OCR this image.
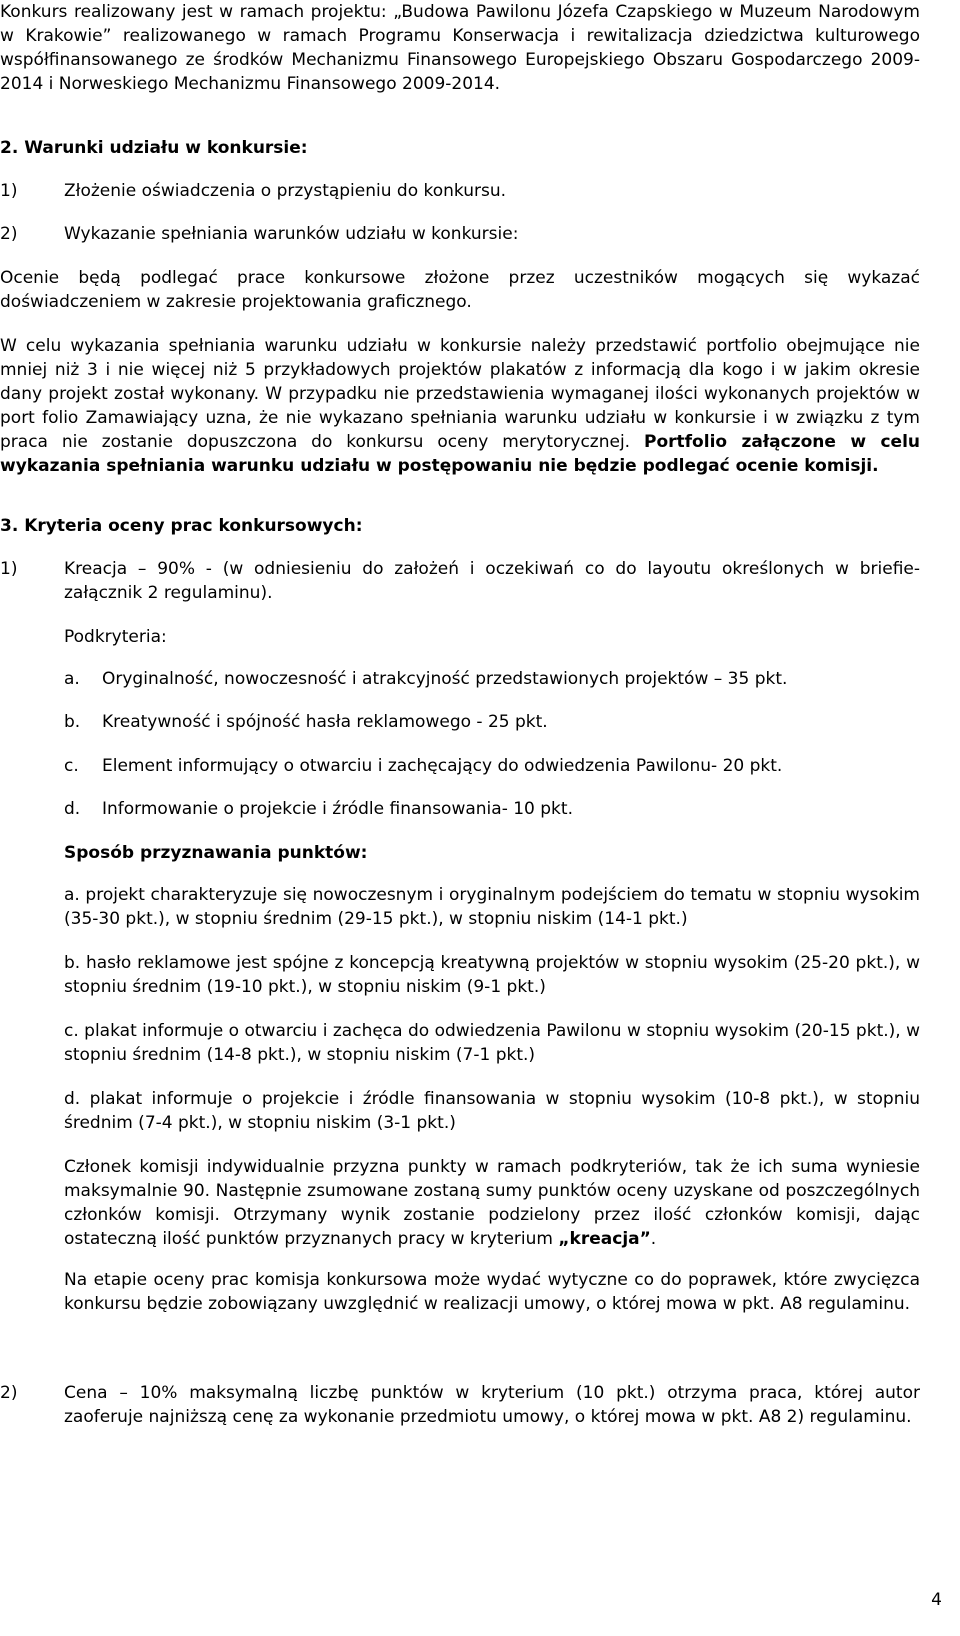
Konkurs realizowany jest w ramach projektu: „Budowa Pawilonu Józefa Czapskiego w Muzeum Narodowym w Krakowie” realizowanego w ramach Programu Konserwacja i rewitalizacja dziedzictwa kulturowego współfinansowanego ze środków Mechanizmu Finansowego Europejskiego Obszaru Gospodarczego 2009-2014 i Norweskiego Mechanizmu Finansowego 2009-2014.

2. Warunki udziału w konkursie:

1)	Złożenie oświadczenia o przystąpieniu do konkursu.
2)	Wykazanie spełniania warunków udziału w konkursie:

Ocenie będą podlegać prace konkursowe złożone przez uczestników mogących się wykazać doświadczeniem w zakresie projektowania graficznego.

W celu wykazania spełniania warunku udziału w konkursie należy przedstawić portfolio obejmujące nie mniej niż 3 i nie więcej niż 5 przykładowych projektów plakatów z informacją dla kogo i w jakim okresie dany projekt został wykonany. W przypadku nie przedstawienia wymaganej ilości wykonanych projektów w port folio Zamawiający uzna, że nie wykazano spełniania warunku udziału w konkursie i w związku z tym praca nie zostanie dopuszczona do konkursu oceny merytorycznej. Portfolio załączone w celu wykazania spełniania warunku udziału w postępowaniu nie będzie podlegać ocenie komisji.

3. Kryteria oceny prac konkursowych:

1)	Kreacja – 90% - (w odniesieniu do założeń i oczekiwań co do layoutu określonych w briefie- załącznik 2 regulaminu).

Podkryteria:

a. Oryginalność, nowoczesność i atrakcyjność przedstawionych projektów – 35 pkt.
b. Kreatywność i spójność hasła reklamowego - 25 pkt.
c. Element informujący o otwarciu i zachęcający do odwiedzenia Pawilonu- 20 pkt.
d. Informowanie o projekcie i źródle finansowania- 10 pkt.

Sposób przyznawania punktów:

a. projekt charakteryzuje się nowoczesnym i oryginalnym podejściem do tematu w stopniu wysokim (35-30 pkt.), w stopniu średnim (29-15 pkt.), w stopniu niskim (14-1 pkt.)

b. hasło reklamowe jest spójne z koncepcją kreatywną projektów w stopniu wysokim (25-20 pkt.), w stopniu średnim (19-10 pkt.), w stopniu niskim (9-1 pkt.)

c. plakat informuje o otwarciu i zachęca do odwiedzenia Pawilonu w stopniu wysokim (20-15 pkt.), w stopniu średnim (14-8 pkt.), w stopniu niskim (7-1 pkt.)

d. plakat informuje o projekcie i źródle finansowania w stopniu wysokim (10-8 pkt.), w stopniu średnim (7-4 pkt.), w stopniu niskim (3-1 pkt.)

Członek komisji indywidualnie przyzna punkty w ramach podkryteriów, tak że ich suma wyniesie maksymalnie 90. Następnie zsumowane zostaną sumy punktów oceny uzyskane od poszczególnych członków komisji. Otrzymany wynik zostanie podzielony przez ilość członków komisji, dając ostateczną ilość punktów przyznanych pracy w kryterium „kreacja”.

Na etapie oceny prac komisja konkursowa może wydać wytyczne co do poprawek, które zwycięzca konkursu będzie zobowiązany uwzględnić w realizacji umowy, o której mowa w pkt. A8 regulaminu.

2)	Cena – 10% maksymalną liczbę punktów w kryterium (10 pkt.) otrzyma praca, której autor zaoferuje najniższą cenę za wykonanie przedmiotu umowy, o której mowa w pkt. A8 2) regulaminu.

4
